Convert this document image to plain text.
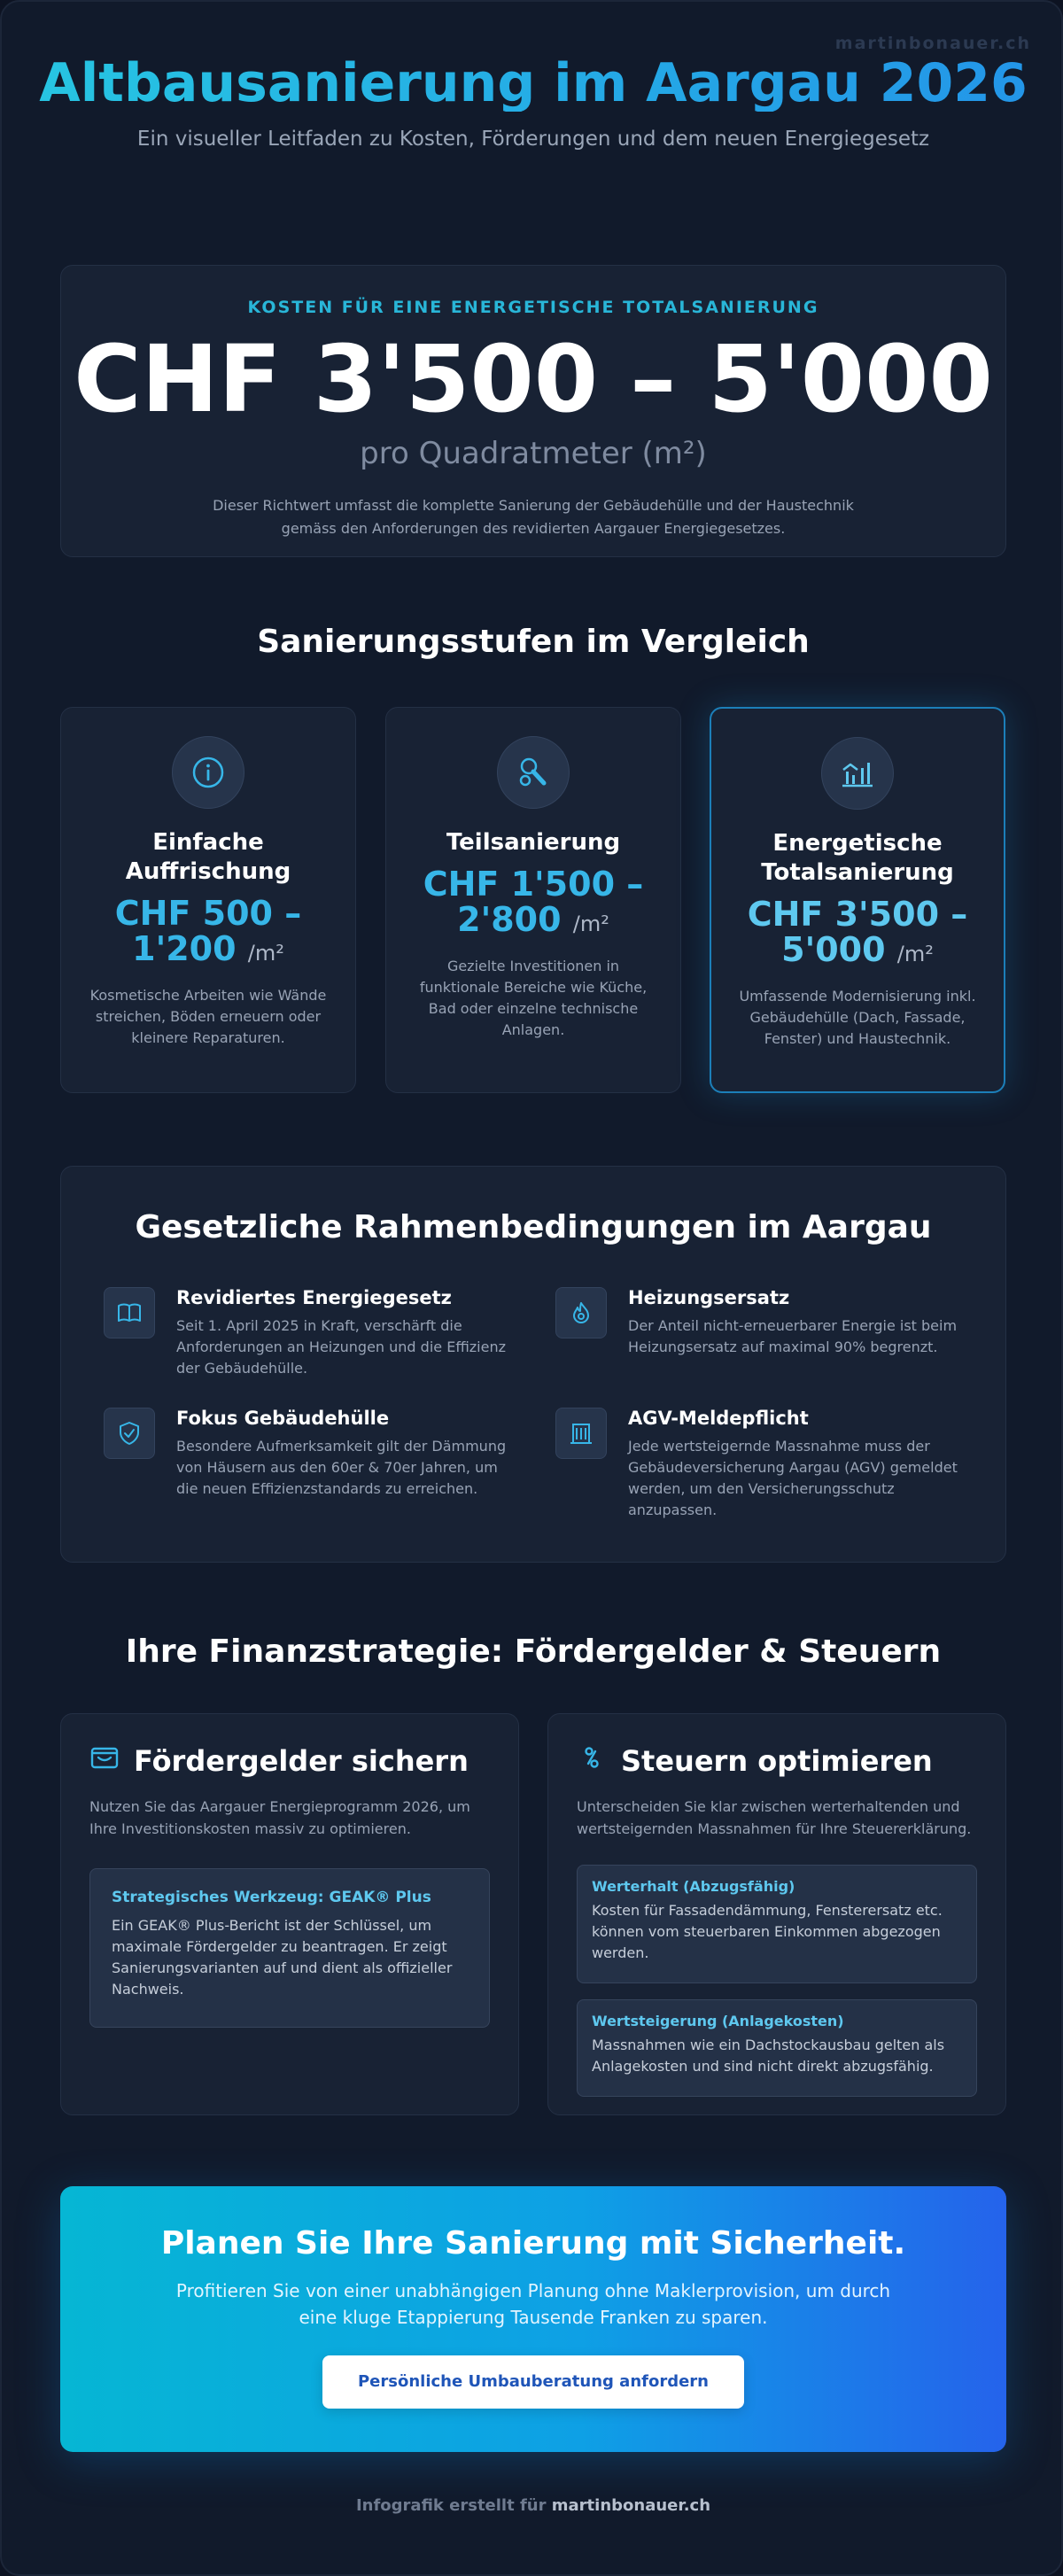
martinbonauer.ch
Altbausanierung im Aargau 2026
Ein visueller Leitfaden zu Kosten, Förderungen und dem neuen Energiegesetz
KOSTEN FÜR EINE ENERGETISCHE TOTALSANIERUNG
CHF 3'500 – 5'000
pro Quadratmeter (m²)
Dieser Richtwert umfasst die komplette Sanierung der Gebäudehülle und der Haustechnik gemäss den Anforderungen des revidierten Aargauer Energiegesetzes.
Sanierungsstufen im Vergleich
Einfache Auffrischung
CHF 500 – 1'200 /m²
Kosmetische Arbeiten wie Wände streichen, Böden erneuern oder kleinere Reparaturen.
Teilsanierung
CHF 1'500 – 2'800 /m²
Gezielte Investitionen in funktionale Bereiche wie Küche, Bad oder einzelne technische Anlagen.
Energetische Totalsanierung
CHF 3'500 – 5'000 /m²
Umfassende Modernisierung inkl. Gebäudehülle (Dach, Fassade, Fenster) und Haustechnik.
Gesetzliche Rahmenbedingungen im Aargau
Revidiertes Energiegesetz

Seit 1. April 2025 in Kraft, verschärft die Anforderungen an Heizungen und die Effizienz der Gebäudehülle.

Heizungsersatz

Der Anteil nicht-erneuerbarer Energie ist beim Heizungsersatz auf maximal 90% begrenzt.

Fokus Gebäudehülle

Besondere Aufmerksamkeit gilt der Dämmung von Häusern aus den 60er & 70er Jahren, um die neuen Effizienzstandards zu erreichen.

AGV-Meldepflicht

Jede wertsteigernde Massnahme muss der Gebäudeversicherung Aargau (AGV) gemeldet werden, um den Versicherungsschutz anzupassen.

Ihre Finanzstrategie: Fördergelder & Steuern
Fördergelder sichern
Nutzen Sie das Aargauer Energieprogramm 2026, um Ihre Investitionskosten massiv zu optimieren.
Strategisches Werkzeug: GEAK® Plus

Ein GEAK® Plus-Bericht ist der Schlüssel, um maximale Fördergelder zu beantragen. Er zeigt Sanierungsvarianten auf und dient als offizieller Nachweis.

Steuern optimieren
Unterscheiden Sie klar zwischen werterhaltenden und wertsteigernden Massnahmen für Ihre Steuererklärung.
Werterhalt (Abzugsfähig)

Kosten für Fassadendämmung, Fensterersatz etc. können vom steuerbaren Einkommen abgezogen werden.

Wertsteigerung (Anlagekosten)

Massnahmen wie ein Dachstockausbau gelten als Anlagekosten und sind nicht direkt abzugsfähig.

Planen Sie Ihre Sanierung mit Sicherheit.

Profitieren Sie von einer unabhängigen Planung ohne Maklerprovision, um durch eine kluge Etappierung Tausende Franken zu sparen.

Persönliche Umbauberatung anfordern
Infografik erstellt für martinbonauer.ch
